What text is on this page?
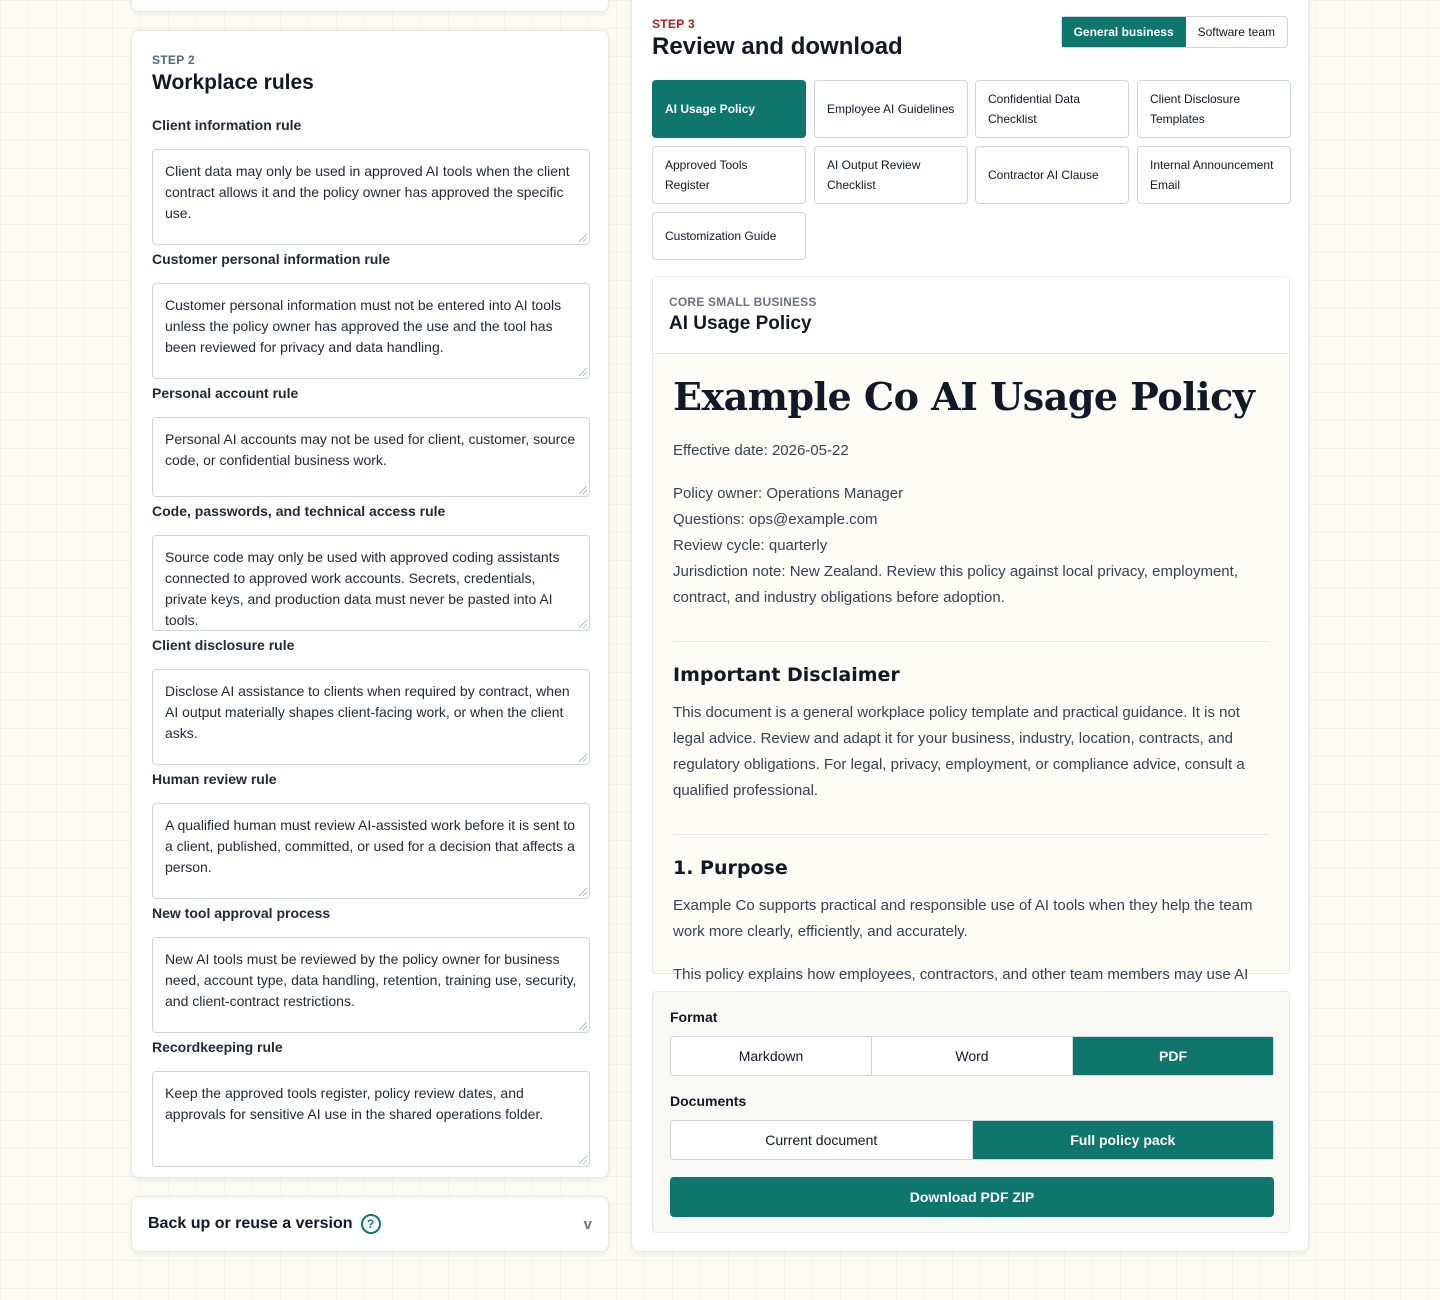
STEP 2
Workplace rules
Client information rule
Client data may only be used in approved AI tools when the client contract allows it and the policy owner has approved the specific use.
Customer personal information rule
Customer personal information must not be entered into AI tools unless the policy owner has approved the use and the tool has been reviewed for privacy and data handling.
Personal account rule
Personal AI accounts may not be used for client, customer, source code, or confidential business work.
Code, passwords, and technical access rule
Source code may only be used with approved coding assistants connected to approved work accounts. Secrets, credentials, private keys, and production data must never be pasted into AI tools.
Client disclosure rule
Disclose AI assistance to clients when required by contract, when AI output materially shapes client-facing work, or when the client asks.
Human review rule
A qualified human must review AI-assisted work before it is sent to a client, published, committed, or used for a decision that affects a person.
New tool approval process
New AI tools must be reviewed by the policy owner for business need, account type, data handling, retention, training use, security, and client-contract restrictions.
Recordkeeping rule
Keep the approved tools register, policy review dates, and approvals for sensitive AI use in the shared operations folder.
Back up or reuse a version	?	v
STEP 3
Review and download
General business	Software team
AI Usage Policy	Employee AI Guidelines
Confidential Data Checklist
Client Disclosure Templates
Approved Tools Register
AI Output Review Checklist
Contractor AI Clause
Internal Announcement Email
Customization Guide
CORE SMALL BUSINESS
AI Usage Policy
Example Co AI Usage Policy

Effective date: 2026-05-22

Policy owner: Operations Manager

Questions: ops@example.com

Review cycle: quarterly

Jurisdiction note: New Zealand. Review this policy against local privacy, employment, contract, and industry obligations before adoption.

Important Disclaimer

This document is a general workplace policy template and practical guidance. It is not legal advice. Review and adapt it for your business, industry, location, contracts, and regulatory obligations. For legal, privacy, employment, or compliance advice, consult a qualified professional.

1. Purpose

Example Co supports practical and responsible use of AI tools when they help the team work more clearly, efficiently, and accurately.

This policy explains how employees, contractors, and other team members may use AI

Format
Markdown	Word	PDF
Documents
Current document	Full policy pack
Download PDF ZIP
